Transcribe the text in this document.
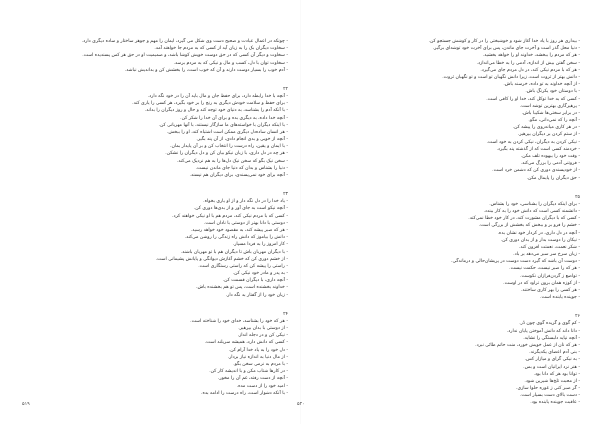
- چونکه در اعمال عبادت و صحیح دست وی شکل می گیرد، ایمان را مهم و جوهر ساختار و ساده دیگری دارد.
- سخاوت دیگران بک را به زبان آید از کسی که به مردم جا خواهند آمد.
- سخاوت و دیگر آن کسی که در حق دوست خویش کوشا باشد، و صمیمیت او در حق هر کس پسندیده است.
- سخاوت توان با دل، کسب و مال و نیکی که به مردم برسد.
- آدم خوب را بسیار دوست دارند و آن که خوب است، را بخشش کن و بداندیش نباشد.
۲۲
- آنچه با خدا رابطه دارد، برای حفظ جان و مال باید آن را در خود نگه دارد.
- برای حفظ و سلامت خودش دیگری به رنج را بر خود بگیرد، هر کسی را یاری کند.
- با آنکه آدم را بشناسد، به دنیای خود توجه کند و حال و روز دیگران را بداند.
- آنچه خدا داده، به دیگری بده و برای آن خدا را شکر کن.
- با اینکه دیگران با خواسته‌های ما سازگار نیستند، با آنها مهربانی کن.
- هر انسان ساده‌دل دیگری ممکن است اشتباه کند، او را ببخش.
- آنچه از خوبی و بدی انجام دادی، از آن پند بگیر.
- با ایمان و یقین، راه درست را انتخاب کن و بر آن پایدار بمان.
- هر چه در دل داری، با زبان نیکو بیان کن و دل دیگران را نشکن.
- سخن نیک بگو که سخن نیک دل‌ها را به هم نزدیک می‌کند.
- دنیا را بشناس و بدان که دنیا جای ماندن نیست.
- آنچه برای خود نمی‌پسندی، برای دیگران هم نپسند.
۲۳
- یاد خدا را در دل نگه دار و از او یاری بخواه.
- آنچه نیکو است به جای آور و از بدی‌ها دوری کن.
- کسی که با مردم نیکی کند، مردم هم با او نیکی خواهند کرد.
- دوستی با دانا بهتر از دوستی با نادان است.
- هر که صبر پیشه کند، به مقصود خود خواهد رسید.
- دانش را بیاموز که دانش راه زندگی را روشن می‌کند.
- کار امروز را به فردا مسپار.
- با دیگران مهربان باش تا دیگران هم با تو مهربان باشند.
- از خشم دوری کن که خشم آغازش دیوانگی و پایانش پشیمانی است.
- راستی را پیشه کن که راستی رستگاری است.
- به پدر و مادر خود نیکی کن.
- آنچه داری، با دیگران قسمت کن.
- خداوند بخشنده است، پس تو هم بخشنده باش.
- زبان خود را از گفتار بد نگه دار.
۲۴
- هر که خود را بشناسد، خدای خود را شناخته است.
- از دوستی با بدان بپرهیز.
- نیکی کن و در دجله انداز.
- کسی که دانش دارد، همیشه سربلند است.
- دل خود را به یاد خدا آرام کن.
- از مال دنیا به اندازه نیاز بردار.
- با مردم به نرمی سخن بگو.
- در کارها شتاب مکن و با اندیشه کار کن.
- آنچه از دست رفته، غم آن را مخور.
- امید خود را از دست مده.
- با آنکه دشوار است، راه درست را ادامه بده.
- بیداری هر روز با یاد خدا آغاز شود و خوشبختی را در کار و کوشش جستجو کن.
- دنیا محل گذر است و آخرت جای ماندن، پس برای آخرت خود توشه‌ای برگیر.
- هر که مردم را ببخشد، خداوند او را خواهد بخشید.
- سخن گفتن بیش از اندازه، آدمی را به خطا می‌اندازد.
- هر که با مردم نیکی کند، در دل مردم جای می‌گیرد.
- دانش بهتر از ثروت است، زیرا دانش نگهبان تو است و تو نگهبان ثروت.
- از آنچه خداوند به تو داده، خرسند باش.
- با دوستان خود یکرنگ باش.
- کسی که به خدا توکل کند، خدا او را کافی است.
- پرهیزگاری بهترین توشه است.
- در برابر سختی‌ها شکیبا باش.
- آنچه را که نمی‌دانی، مگو.
- در هر کاری میانه‌روی را پیشه کن.
- از ستم کردن بر دیگران بپرهیز.
- نیکی کردن به دیگران، نیکی کردن به خود است.
- خردمند کسی است که از گذشته پند بگیرد.
- وقت خود را بیهوده تلف مکن.
- فروتنی آدمی را بزرگ می‌کند.
- از خودپسندی دوری کن که دشمن خرد است.
- حق دیگران را پایمال مکن.
۲۵
- برای اینکه دیگران را بشناسی، خود را بشناس.
- دانشمند کسی است که دانش خود را به کار ببندد.
- کسی که با دیگران مشورت کند، در کار خود خطا نمی‌کند.
- خشم را فرو بر و ببخش که بخشش از بزرگی است.
- آنچه در دل داری، در کردار خود نشان بده.
- نیکان را دوست بدار و از بدان دوری کن.
- شکر نعمت، نعمتت افزون کند.
- زبان سرخ سر سبز می‌دهد بر باد.
- دوست آن باشد که گیرد دست دوست در پریشان‌حالی و درماندگی.
- هر که را صبر نیست، حکمت نیست.
- تواضع ز گردن‌فرازان نکوست.
- از کوزه همان برون تراود که در اوست.
- هر کسی را بهر کاری ساختند.
- جوینده یابنده است.
۲۶
- کم گوی و گزیده گوی چون دُر.
- دانا داند که دانش آموختن پایان ندارد.
- آنچه نپاید دلبستگی را نشاید.
- هر که نان از عمل خویش خورد، منت حاتم طائی نبرد.
- بنی آدم اعضای یکدیگرند.
- به نیکی گرای و میازار کس.
- هنر نزد ایرانیان است و بس.
- توانا بود هر که دانا بود.
- از محبت تلخ‌ها شیرین شود.
- گر صبر کنی ز غوره حلوا سازی.
- دست بالای دست بسیار است.
- عاقبت جوینده یابنده بود.
۵۱۹	۵۲۰
